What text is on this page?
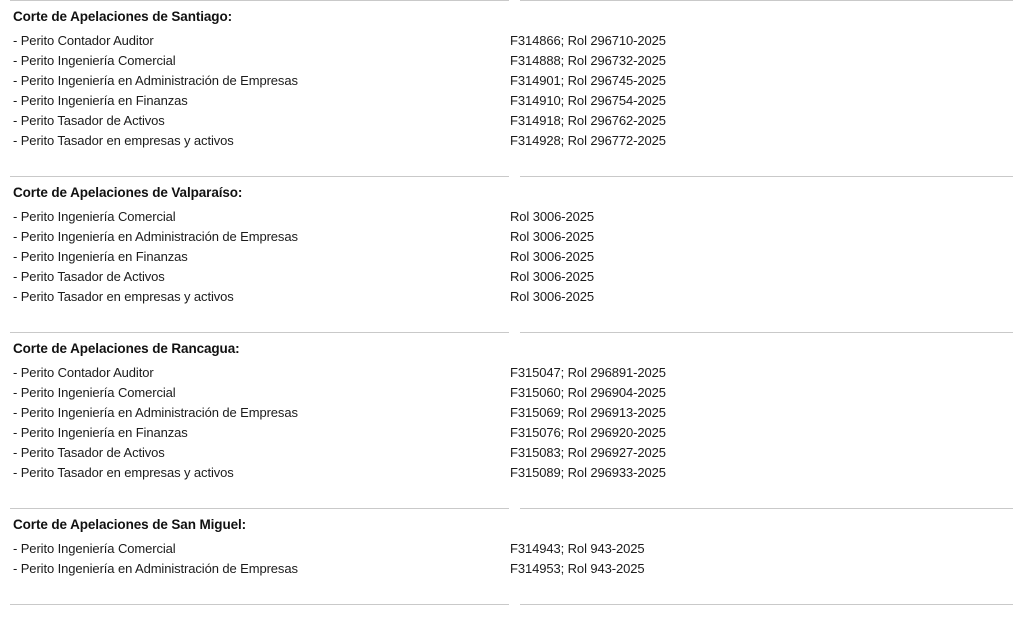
Corte de Apelaciones de Santiago:
- Perito Contador Auditor	F314866; Rol 296710-2025
- Perito Ingeniería Comercial	F314888; Rol 296732-2025
- Perito Ingeniería en Administración de Empresas	F314901; Rol 296745-2025
- Perito Ingeniería en Finanzas	F314910; Rol 296754-2025
- Perito Tasador de Activos	F314918; Rol 296762-2025
- Perito Tasador en empresas y activos	F314928; Rol 296772-2025
Corte de Apelaciones de Valparaíso:
- Perito Ingeniería Comercial	Rol 3006-2025
- Perito Ingeniería en Administración de Empresas	Rol 3006-2025
- Perito Ingeniería en Finanzas	Rol 3006-2025
- Perito Tasador de Activos	Rol 3006-2025
- Perito Tasador en empresas y activos	Rol 3006-2025
Corte de Apelaciones de Rancagua:
- Perito Contador Auditor	F315047; Rol 296891-2025
- Perito Ingeniería Comercial	F315060; Rol 296904-2025
- Perito Ingeniería en Administración de Empresas	F315069; Rol 296913-2025
- Perito Ingeniería en Finanzas	F315076; Rol 296920-2025
- Perito Tasador de Activos	F315083; Rol 296927-2025
- Perito Tasador en empresas y activos	F315089; Rol 296933-2025
Corte de Apelaciones de San Miguel:
- Perito Ingeniería Comercial	F314943; Rol 943-2025
- Perito Ingeniería en Administración de Empresas	F314953; Rol 943-2025
